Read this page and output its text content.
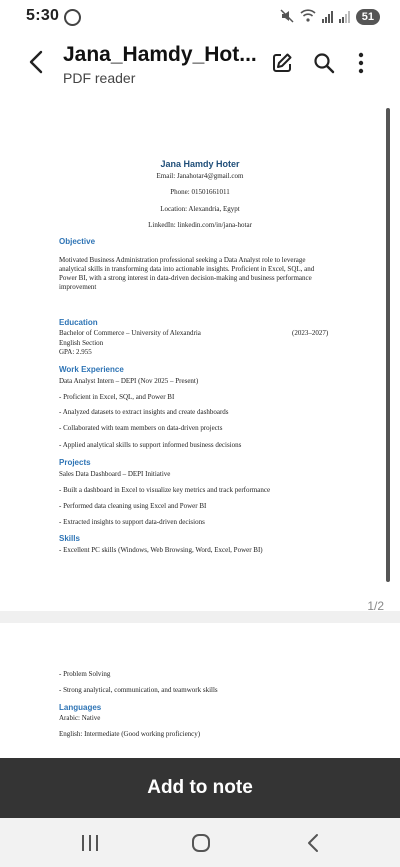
5:30	51
Jana_Hamdy_Hot...
PDF reader
Jana Hamdy Hoter
Email: Janahotar4@gmail.com
Phone: 01501661011
Location: Alexandria, Egypt
LinkedIn: linkedin.com/in/jana-hotar
Objective
Motivated Business Administration professional seeking a Data Analyst role to leverage
analytical skills in transforming data into actionable insights. Proficient in Excel, SQL, and
Power BI, with a strong interest in data-driven decision-making and business performance
improvement
Education
Bachelor of Commerce – University of Alexandria	(2023–2027)
English Section
GPA: 2.955
Work Experience
Data Analyst Intern – DEPI (Nov 2025 – Present)
- Proficient in Excel, SQL, and Power BI
- Analyzed datasets to extract insights and create dashboards
- Collaborated with team members on data-driven projects
- Applied analytical skills to support informed business decisions
Projects
Sales Data Dashboard – DEPI Initiative
- Built a dashboard in Excel to visualize key metrics and track performance
- Performed data cleaning using Excel and Power BI
- Extracted insights to support data-driven decisions
Skills
- Excellent PC skills (Windows, Web Browsing, Word, Excel, Power BI)
1/2
- Problem Solving
- Strong analytical, communication, and teamwork skills
Languages
Arabic: Native
English: Intermediate (Good working proficiency)
Add to note
